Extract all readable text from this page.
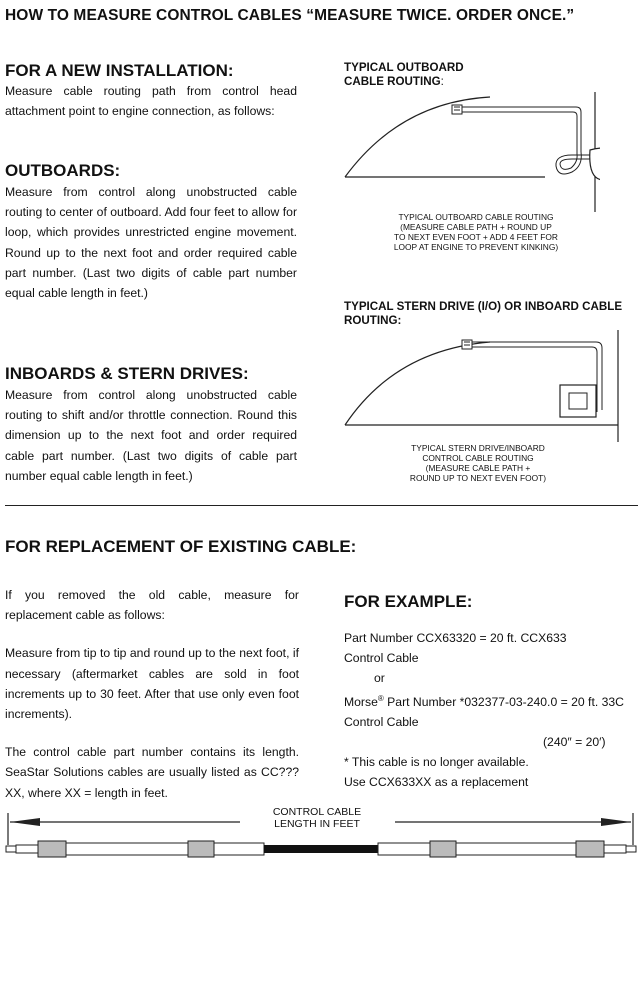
HOW TO MEASURE CONTROL CABLES “MEASURE TWICE. ORDER ONCE.”
FOR A NEW INSTALLATION:
Measure cable routing path from control head attachment point to engine connection, as follows:
OUTBOARDS:
Measure from control along unobstructed cable routing to center of outboard. Add four feet to allow for loop, which provides unrestricted engine movement. Round up to the next foot and order required cable part number. (Last two digits of cable part number equal cable length in feet.)
INBOARDS & STERN DRIVES:
Measure from control along unobstructed cable routing to shift and/or throttle connection. Round this dimension up to the next foot and order required cable part number. (Last two digits of cable part number equal cable length in feet.)
TYPICAL OUTBOARD
CABLE ROUTING:
TYPICAL OUTBOARD CABLE ROUTING
(MEASURE CABLE PATH + ROUND UP
TO NEXT EVEN FOOT + ADD 4 FEET FOR
LOOP AT ENGINE TO PREVENT KINKING)
TYPICAL STERN DRIVE (I/O) OR INBOARD CABLE
ROUTING:
TYPICAL STERN DRIVE/INBOARD
CONTROL CABLE ROUTING
(MEASURE CABLE PATH +
ROUND UP TO NEXT EVEN FOOT)
FOR REPLACEMENT OF EXISTING CABLE:

If you removed the old cable, measure for replacement cable as follows:

Measure from tip to tip and round up to the next foot, if necessary (aftermarket cables are sold in foot increments up to 30 feet. After that use only even foot increments).

The control cable part number contains its length. SeaStar Solutions cables are usually listed as CC???XX, where XX = length in feet.

FOR EXAMPLE:
Part Number CCX63320 = 20 ft. CCX633
Control Cable
or
Morse® Part Number *032377-03-240.0 = 20 ft. 33C
Control Cable
(240″ = 20′)
* This cable is no longer available.
Use CCX633XX as a replacement
CONTROL CABLE
LENGTH IN FEET
